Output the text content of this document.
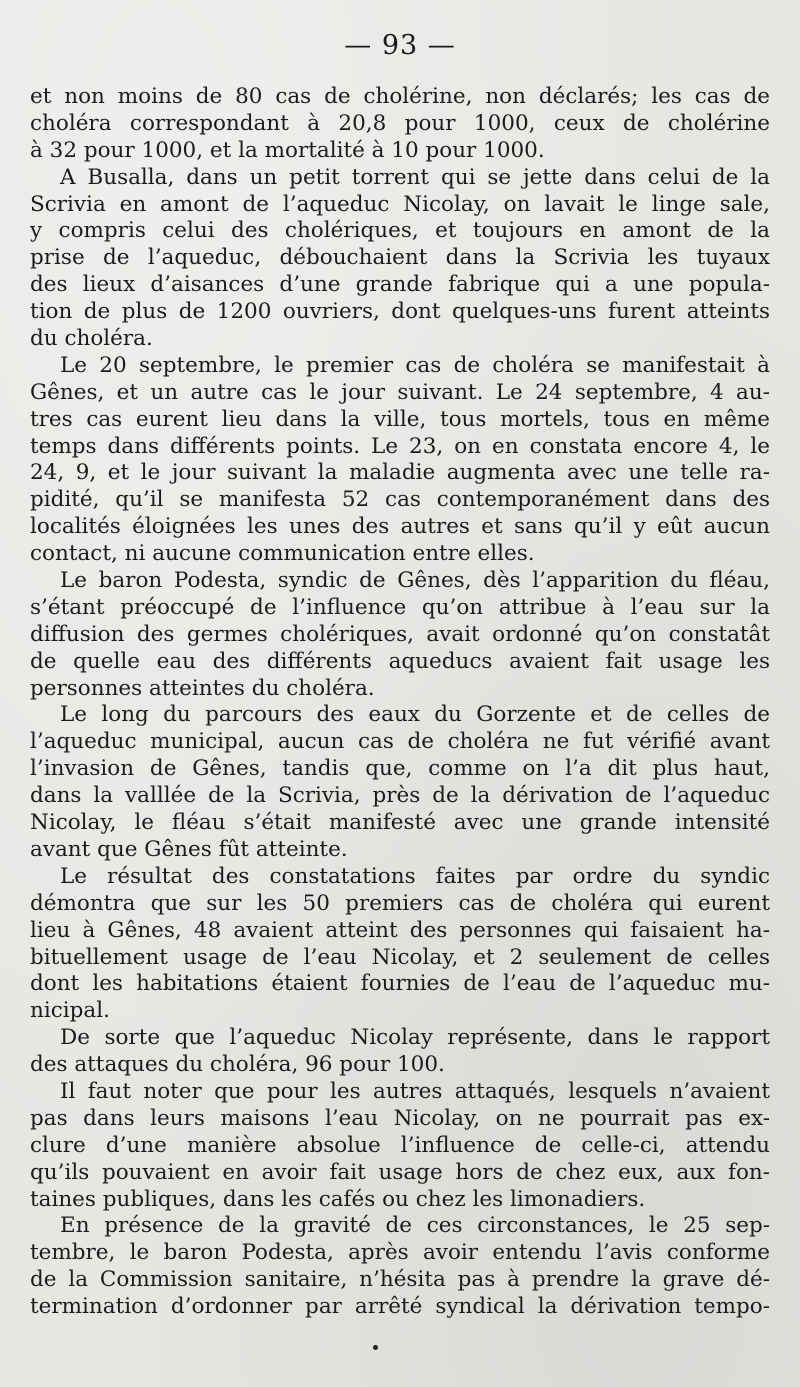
— 93 —
et non moins de 80 cas de cholérine, non déclarés; les cas de
choléra correspondant à 20,8 pour 1000, ceux de cholérine
à 32 pour 1000, et la mortalité à 10 pour 1000.
A Busalla, dans un petit torrent qui se jette dans celui de la
Scrivia en amont de l’aqueduc Nicolay, on lavait le linge sale,
y compris celui des cholériques, et toujours en amont de la
prise de l’aqueduc, débouchaient dans la Scrivia les tuyaux
des lieux d’aisances d’une grande fabrique qui a une popula-
tion de plus de 1200 ouvriers, dont quelques-uns furent atteints
du choléra.
Le 20 septembre, le premier cas de choléra se manifestait à
Gênes, et un autre cas le jour suivant. Le 24 septembre, 4 au-
tres cas eurent lieu dans la ville, tous mortels, tous en même
temps dans différents points. Le 23, on en constata encore 4, le
24, 9, et le jour suivant la maladie augmenta avec une telle ra-
pidité, qu’il se manifesta 52 cas contemporanément dans des
localités éloignées les unes des autres et sans qu’il y eût aucun
contact, ni aucune communication entre elles.
Le baron Podesta, syndic de Gênes, dès l’apparition du fléau,
s’étant préoccupé de l’influence qu’on attribue à l’eau sur la
diffusion des germes cholériques, avait ordonné qu’on constatât
de quelle eau des différents aqueducs avaient fait usage les
personnes atteintes du choléra.
Le long du parcours des eaux du Gorzente et de celles de
l’aqueduc municipal, aucun cas de choléra ne fut vérifié avant
l’invasion de Gênes, tandis que, comme on l’a dit plus haut,
dans la valllée de la Scrivia, près de la dérivation de l’aqueduc
Nicolay, le fléau s’était manifesté avec une grande intensité
avant que Gênes fût atteinte.
Le résultat des constatations faites par ordre du syndic
démontra que sur les 50 premiers cas de choléra qui eurent
lieu à Gênes, 48 avaient atteint des personnes qui faisaient ha-
bituellement usage de l’eau Nicolay, et 2 seulement de celles
dont les habitations étaient fournies de l’eau de l’aqueduc mu-
nicipal.
De sorte que l’aqueduc Nicolay représente, dans le rapport
des attaques du choléra, 96 pour 100.
Il faut noter que pour les autres attaqués, lesquels n’avaient
pas dans leurs maisons l’eau Nicolay, on ne pourrait pas ex-
clure d’une manière absolue l’influence de celle-ci, attendu
qu’ils pouvaient en avoir fait usage hors de chez eux, aux fon-
taines publiques, dans les cafés ou chez les limonadiers.
En présence de la gravité de ces circonstances, le 25 sep-
tembre, le baron Podesta, après avoir entendu l’avis conforme
de la Commission sanitaire, n’hésita pas à prendre la grave dé-
termination d’ordonner par arrêté syndical la dérivation tempo-
